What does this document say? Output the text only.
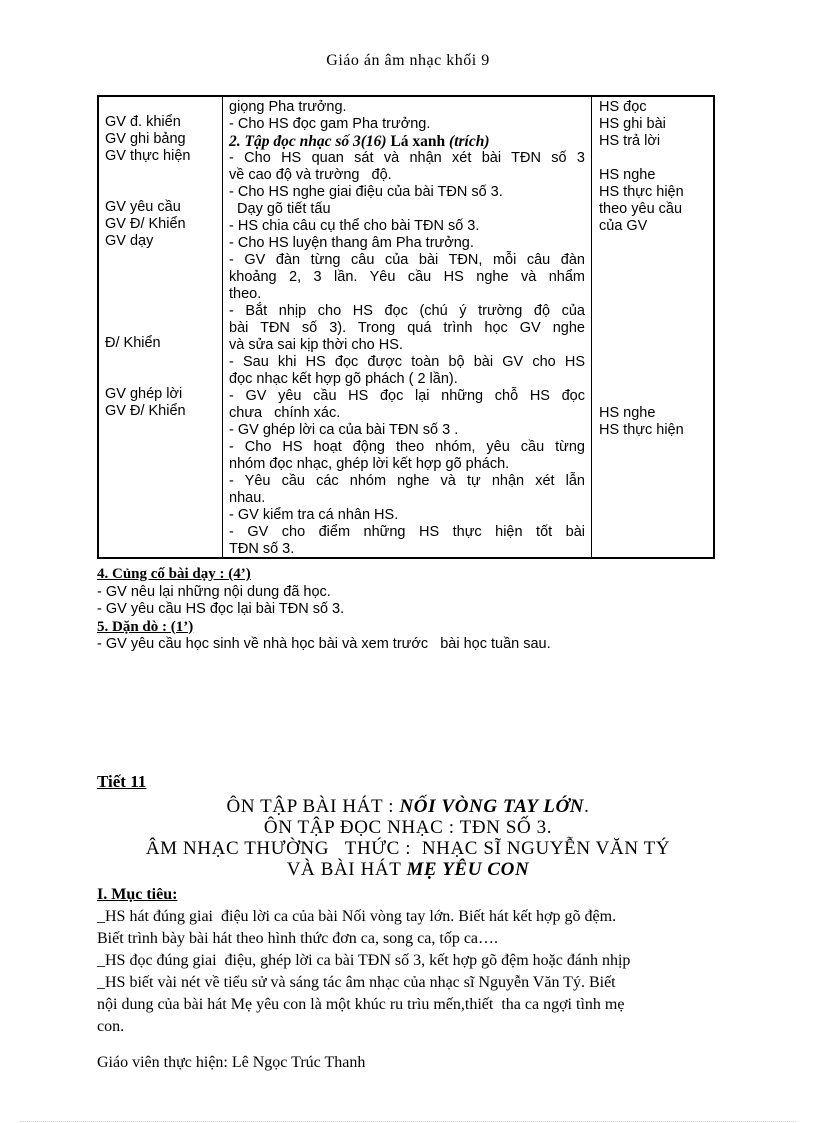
Giáo án âm nhạc khối 9
GV đ. khiển
GV ghi bảng
GV thực hiện
GV yêu cầu
GV Đ/ Khiển
GV dạy
Đ/ Khiển
GV ghép lời
GV Đ/ Khiển
giọng Pha trưởng.
- Cho HS đọc gam Pha trưởng.
2. Tập đọc nhạc số 3(16) Lá xanh (trích)
- Cho HS quan sát và nhận xét bài TĐN số 3
về cao độ và trường   độ.
- Cho HS nghe giai điệu của bài TĐN số 3.
Dạy gõ tiết tấu
- HS chia câu cụ thể cho bài TĐN số 3.
- Cho HS luyện thang âm Pha trưởng.
- GV đàn từng câu của bài TĐN, mỗi câu đàn
khoảng 2, 3 lần. Yêu cầu HS nghe và nhẩm
theo.
- Bắt nhịp cho HS đọc (chú ý trường độ của
bài TĐN số 3). Trong quá trình học GV nghe
và sửa sai kịp thời cho HS.
- Sau khi HS đọc được toàn bộ bài GV cho HS
đọc nhạc kết hợp gõ phách ( 2 lần).
- GV yêu cầu HS đọc lại những chỗ HS đọc
chưa   chính xác.
- GV ghép lời ca của bài TĐN số 3 .
- Cho HS hoạt động theo nhóm, yêu cầu từng
nhóm đọc nhạc, ghép lời kết hợp gõ phách.
- Yêu cầu các nhóm nghe và tự nhận xét lẫn
nhau.
- GV kiểm tra cá nhân HS.
- GV cho điểm những HS thực hiện tốt bài
TĐN số 3.
HS đọc
HS ghi bài
HS trả lời
HS nghe
HS thực hiện
theo yêu cầu
của GV
HS nghe
HS thực hiện
4. Củng cố bài dạy : (4’)
- GV nêu lại những nội dung đã học.
- GV yêu cầu HS đọc lại bài TĐN số 3.
5. Dặn dò : (1’)
- GV yêu cầu học sinh về nhà học bài và xem trước   bài học tuần sau.
Tiết 11
ÔN TẬP BÀI HÁT : NỐI VÒNG TAY LỚN.
ÔN TẬP ĐỌC NHẠC : TĐN SỐ 3.
ÂM NHẠC THƯỜNG   THỨC :  NHẠC SĨ NGUYỄN VĂN TÝ
VÀ BÀI HÁT MẸ YÊU CON
I. Mục tiêu:
_HS hát đúng giai  điệu lời ca của bài Nối vòng tay lớn. Biết hát kết hợp gõ đệm.
Biết trình bày bài hát theo hình thức đơn ca, song ca, tốp ca….
_HS đọc đúng giai  điệu, ghép lời ca bài TĐN số 3, kết hợp gõ đệm hoặc đánh nhịp
_HS biết vài nét về tiểu sử và sáng tác âm nhạc của nhạc sĩ Nguyễn Văn Tý. Biết
nội dung của bài hát Mẹ yêu con là một khúc ru trìu mến,thiết  tha ca ngợi tình mẹ
con.
Giáo viên thực hiện: Lê Ngọc Trúc Thanh
